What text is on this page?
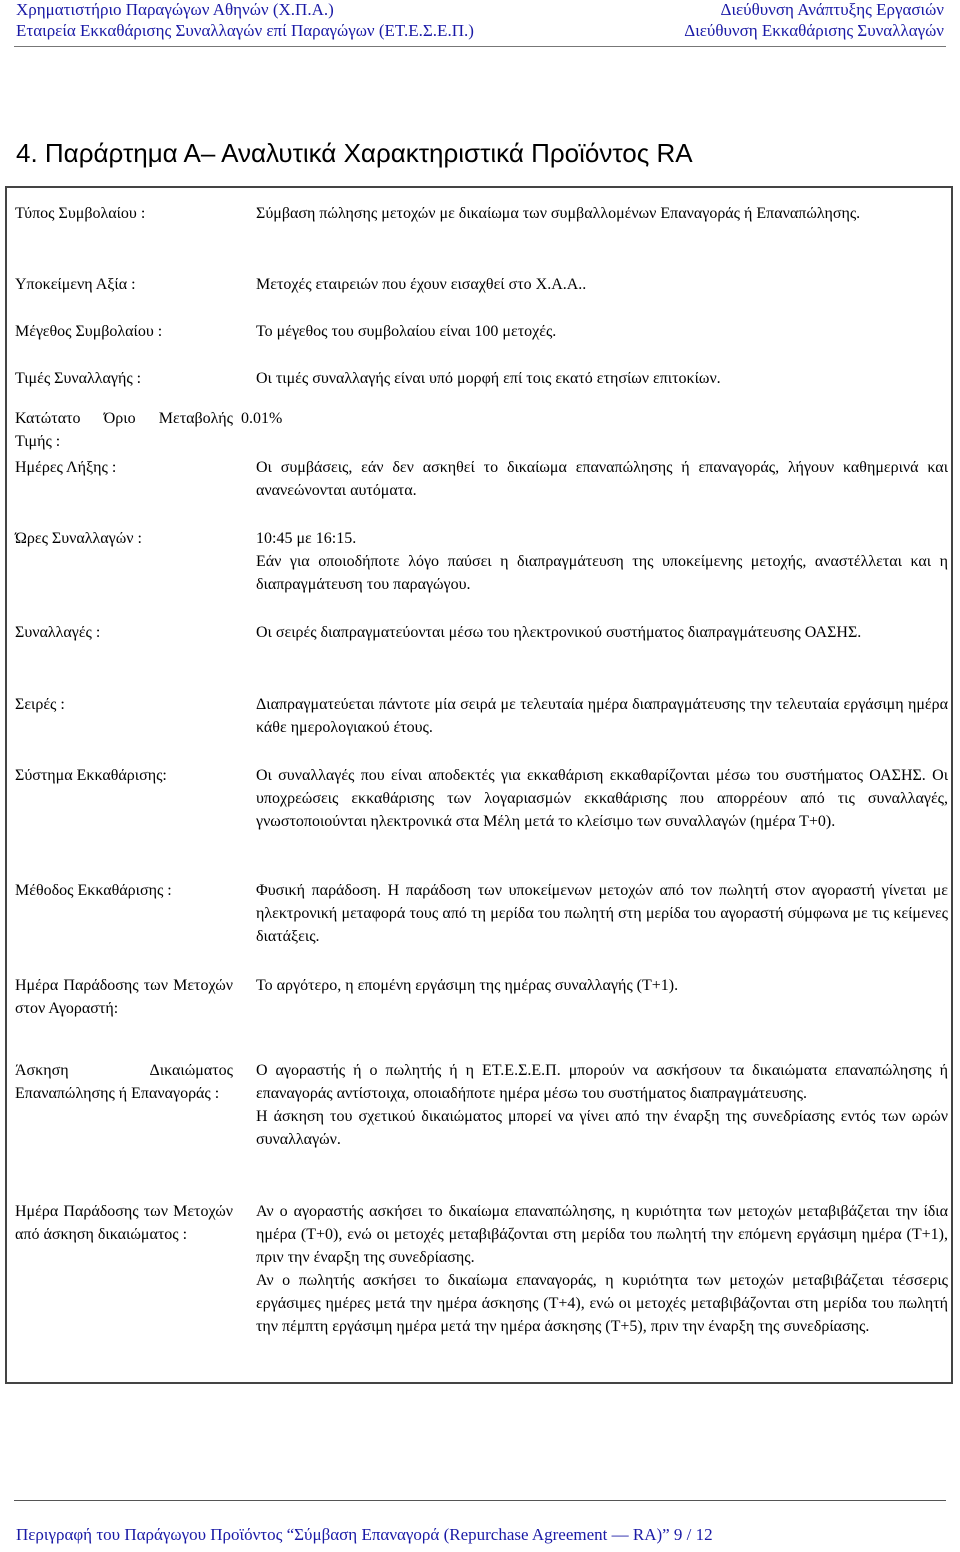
Χρηματιστήριο Παραγώγων Αθηνών (Χ.Π.Α.)	Διεύθυνση Ανάπτυξης Εργασιών
Εταιρεία Εκκαθάρισης Συναλλαγών επί Παραγώγων (ΕΤ.Ε.Σ.Ε.Π.)	Διεύθυνση Εκκαθάρισης Συναλλαγών
4. Παράρτημα Α– Αναλυτικά Χαρακτηριστικά Προϊόντος RA
Τύπος Συμβολαίου :	Σύμβαση πώλησης μετοχών με δικαίωμα των συμβαλλομένων Επαναγοράς ή Επαναπώλησης.
Υποκείμενη Αξία :	Μετοχές εταιρειών που έχουν εισαχθεί στο Χ.Α.Α..
Μέγεθος Συμβολαίου :	Το μέγεθος του συμβολαίου είναι 100 μετοχές.
Τιμές Συναλλαγής :	Οι τιμές συναλλαγής είναι υπό μορφή επί τοις εκατό ετησίων επιτοκίων.
Κατώτατο Όριο Μεταβολής Τιμής :
0.01%
Ημέρες Λήξης :	Οι συμβάσεις, εάν δεν ασκηθεί το δικαίωμα επαναπώλησης ή επαναγοράς, λήγουν καθημερινά και ανανεώνονται αυτόματα.
Ώρες Συναλλαγών :	10:45 με 16:15.

Εάν για οποιοδήποτε λόγο παύσει η διαπραγμάτευση της υποκείμενης μετοχής, αναστέλλεται και η διαπραγμάτευση του παραγώγου.

Συναλλαγές :	Οι σειρές διαπραγματεύονται μέσω του ηλεκτρονικού συστήματος διαπραγμάτευσης ΟΑΣΗΣ.
Σειρές :	Διαπραγματεύεται πάντοτε μία σειρά με τελευταία ημέρα διαπραγμάτευσης την τελευταία εργάσιμη ημέρα κάθε ημερολογιακού έτους.
Σύστημα Εκκαθάρισης:	Οι συναλλαγές που είναι αποδεκτές για εκκαθάριση εκκαθαρίζονται μέσω του συστήματος ΟΑΣΗΣ. Οι υποχρεώσεις εκκαθάρισης των λογαριασμών εκκαθάρισης που απορρέουν από τις συναλλαγές, γνωστοποιούνται ηλεκτρονικά στα Μέλη μετά το κλείσιμο των συναλλαγών (ημέρα Τ+0).
Μέθοδος Εκκαθάρισης :	Φυσική παράδοση. Η παράδοση των υποκείμενων μετοχών από τον πωλητή στον αγοραστή γίνεται με ηλεκτρονική μεταφορά τους από τη μερίδα του πωλητή στη μερίδα του αγοραστή σύμφωνα με τις κείμενες διατάξεις.
Ημέρα Παράδοσης των Μετοχών στον Αγοραστή:
Το αργότερο, η επομένη εργάσιμη της ημέρας συναλλαγής (Τ+1).
Άσκηση Δικαιώματος Επαναπώλησης ή Επαναγοράς :

Ο αγοραστής ή ο πωλητής ή η ΕΤ.Ε.Σ.Ε.Π. μπορούν να ασκήσουν τα δικαιώματα επαναπώλησης ή επαναγοράς αντίστοιχα, οποιαδήποτε ημέρα μέσω του συστήματος διαπραγμάτευσης.

Η άσκηση του σχετικού δικαιώματος μπορεί να γίνει από την έναρξη της συνεδρίασης εντός των ωρών συναλλαγών.

Ημέρα Παράδοσης των Μετοχών από άσκηση δικαιώματος :

Αν ο αγοραστής ασκήσει το δικαίωμα επαναπώλησης, η κυριότητα των μετοχών μεταβιβάζεται την ίδια ημέρα (Τ+0), ενώ οι μετοχές μεταβιβάζονται στη μερίδα του πωλητή την επόμενη εργάσιμη ημέρα (Τ+1), πριν την έναρξη της συνεδρίασης.

Αν ο πωλητής ασκήσει το δικαίωμα επαναγοράς, η κυριότητα των μετοχών μεταβιβάζεται τέσσερις εργάσιμες ημέρες μετά την ημέρα άσκησης (Τ+4), ενώ οι μετοχές μεταβιβάζονται στη μερίδα του πωλητή την πέμπτη εργάσιμη ημέρα μετά την ημέρα άσκησης (Τ+5), πριν την έναρξη της συνεδρίασης.

Περιγραφή του Παράγωγου Προϊόντος “Σύμβαση Επαναγορά (Repurchase Agreement — RA)” 9 / 12
